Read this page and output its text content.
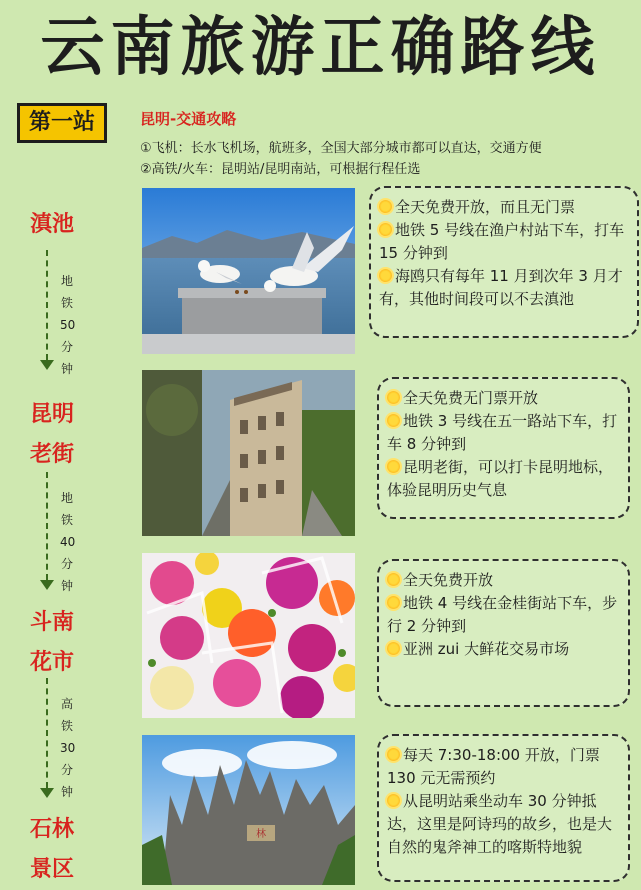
云南旅游正确路线
第一站	昆明-交通攻略
①飞机：长水飞机场，航班多，全国大部分城市都可以直达，交通方便
②高铁/火车：昆明站/昆明南站，可根据行程任选
滇池
昆明
老街
斗南
花市
石林
景区
地
铁
50
分
钟
地
铁
40
分
钟
高
铁
30
分
钟
林
全天免费开放，而且无门票
地铁 5 号线在渔户村站下车，打车 15 分钟到
海鸥只有每年 11 月到次年 3 月才有，其他时间段可以不去滇池
全天免费无门票开放
地铁 3 号线在五一路站下车，打车 8 分钟到
昆明老街，可以打卡昆明地标，体验昆明历史气息
全天免费开放
地铁 4 号线在金桂街站下车，步行 2 分钟到
亚洲 zui 大鲜花交易市场
每天 7:30-18:00 开放，门票 130 元无需预约
从昆明站乘坐动车 30 分钟抵达，这里是阿诗玛的故乡，也是大自然的鬼斧神工的喀斯特地貌
